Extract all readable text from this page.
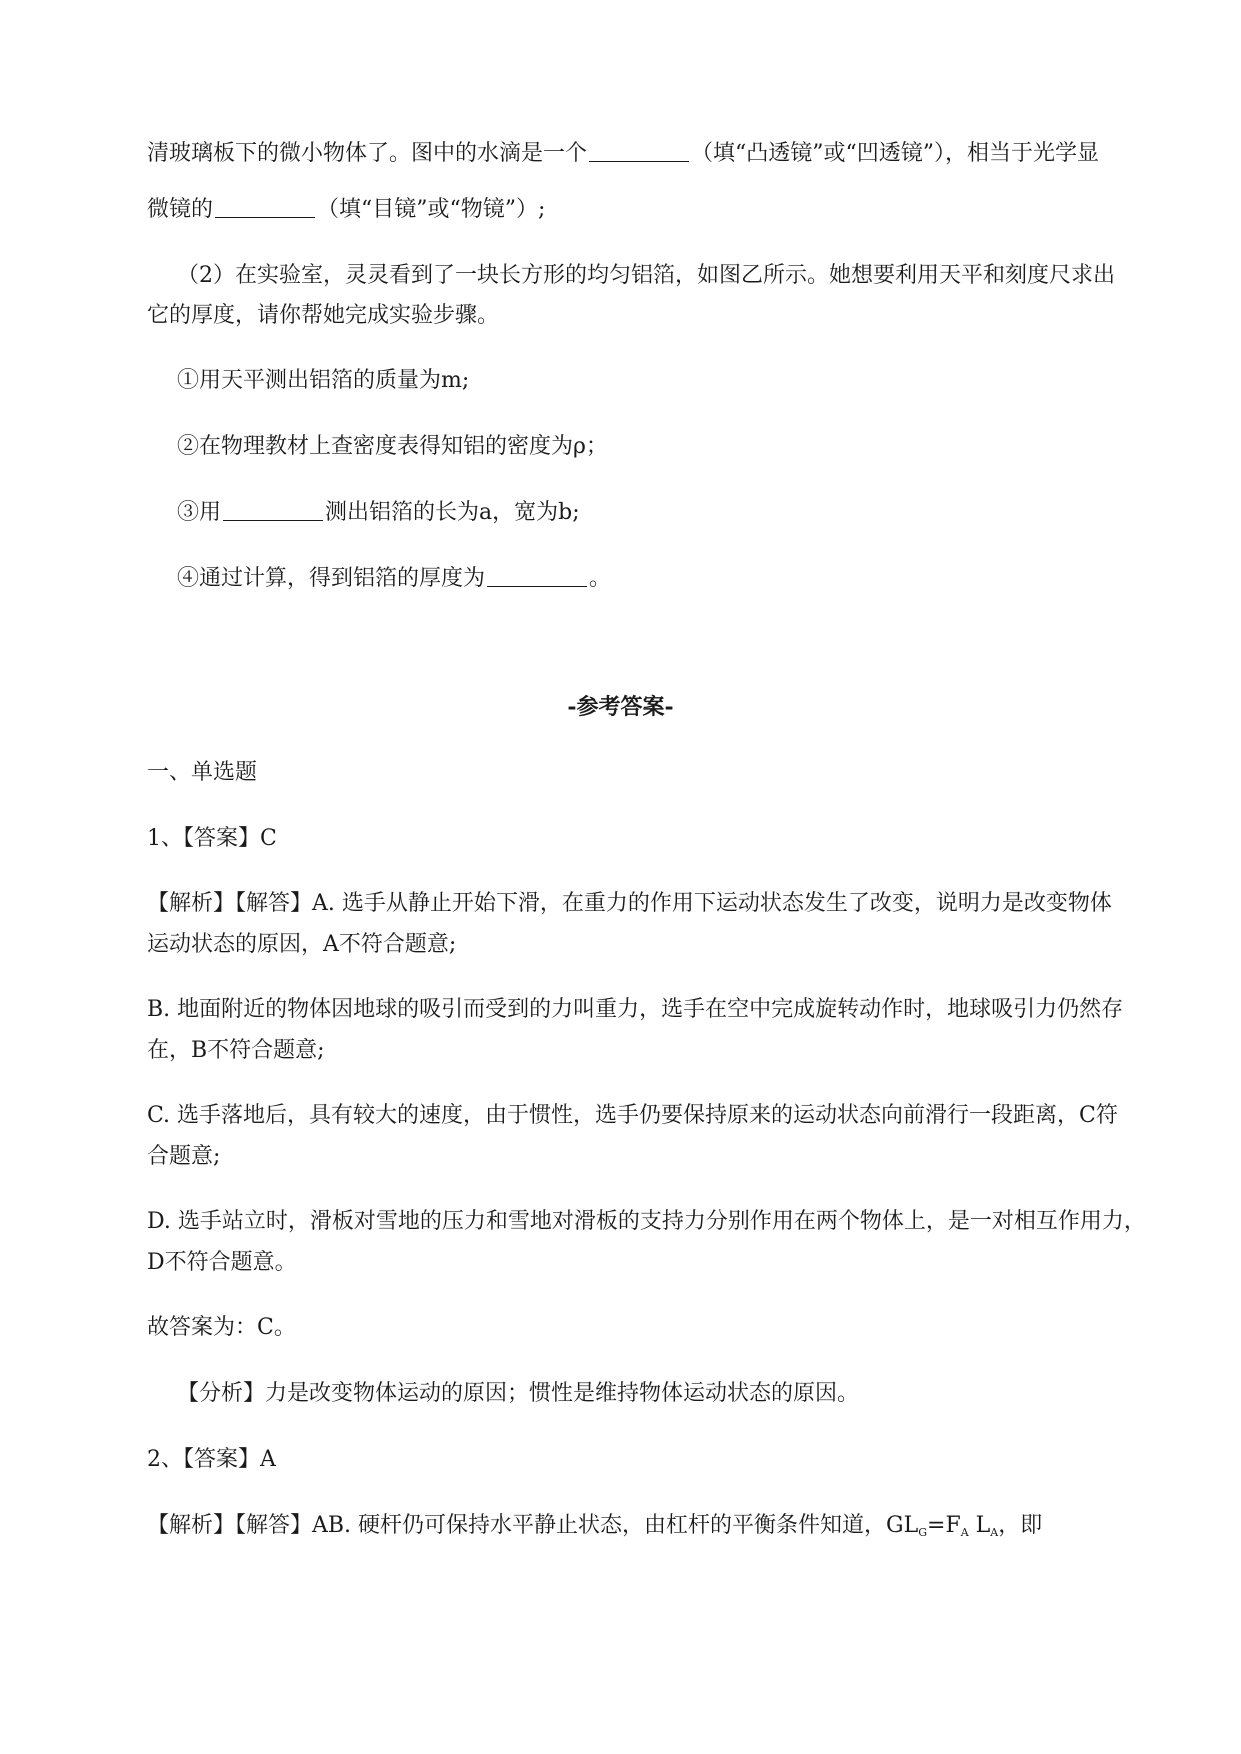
清玻璃板下的微小物体了。图中的水滴是一个	（填“凸透镜”或“凹透镜”），相当于光学显
微镜的	（填“目镜”或“物镜”）;
（2）在实验室，灵灵看到了一块长方形的均匀铝箔，如图乙所示。她想要利用天平和刻度尺求出
它的厚度，请你帮她完成实验步骤。
①用天平测出铝箔的质量为m;
②在物理教材上查密度表得知铝的密度为ρ；
③用	测出铝箔的长为a，宽为b;
④通过计算，得到铝箔的厚度为	。
-参考答案-
一、单选题
1、【答案】C
【解析】【解答】A. 选手从静止开始下滑，在重力的作用下运动状态发生了改变，说明力是改变物体
运动状态的原因，A不符合题意;
B. 地面附近的物体因地球的吸引而受到的力叫重力，选手在空中完成旋转动作时，地球吸引力仍然存
在，B不符合题意;
C. 选手落地后，具有较大的速度，由于惯性，选手仍要保持原来的运动状态向前滑行一段距离，C符
合题意;
D. 选手站立时，滑板对雪地的压力和雪地对滑板的支持力分别作用在两个物体上，是一对相互作用力，
D不符合题意。
故答案为：C。
【分析】力是改变物体运动的原因；惯性是维持物体运动状态的原因。
2、【答案】A
【解析】【解答】AB. 硬杆仍可保持水平静止状态，由杠杆的平衡条件知道，$GL_G=F_A$ $L_A$，即
